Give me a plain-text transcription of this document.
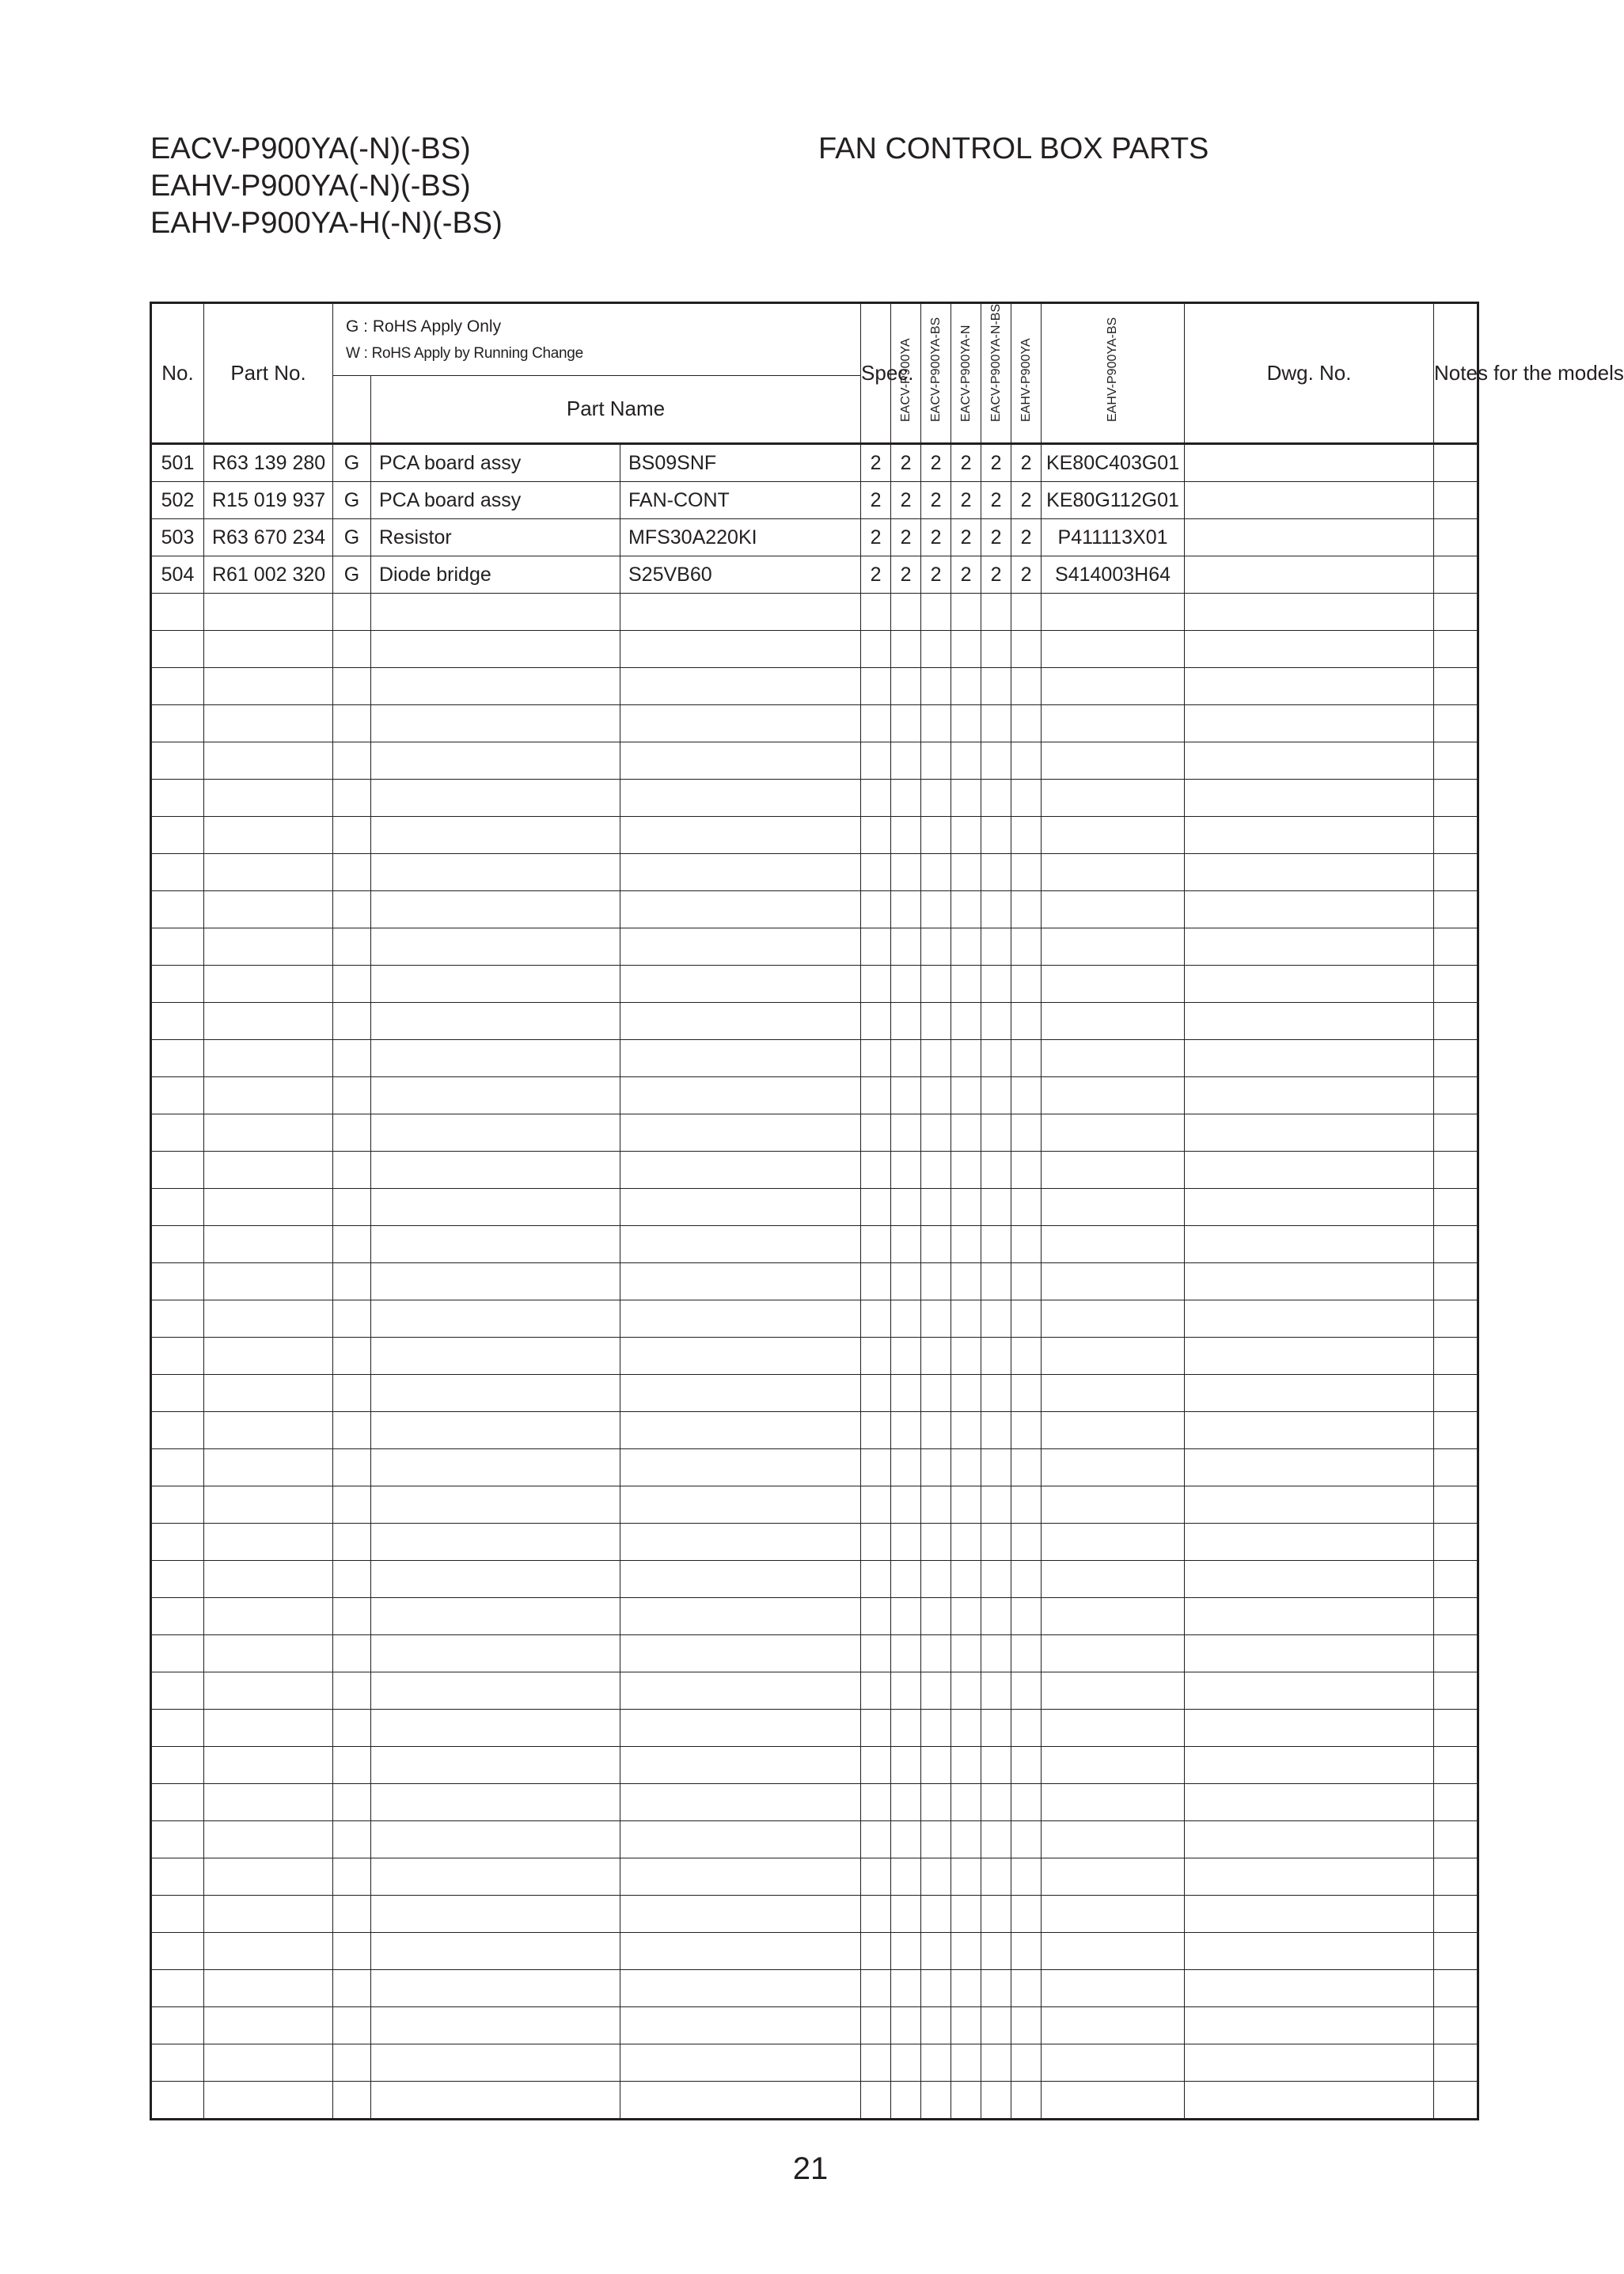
EACV-P900YA(-N)(-BS)
EAHV-P900YA(-N)(-BS)
EAHV-P900YA-H(-N)(-BS)
FAN CONTROL BOX PARTS
No.	Part No.	G : RoHS Apply Only
W : RoHS Apply by Running Change			Spec.	EACV-P900YA	EACV-P900YA-BS	EACV-P900YA-N	EACV-P900YA-N-BS	EAHV-P900YA	EAHV-P900YA-BS	Dwg. No.	Notes for the models	

			Part Name											
501	R63 139 280	G	PCA board assy	BS09SNF	2	2	2	2	2	2	KE80C403G01			
502	R15 019 937	G	PCA board assy	FAN-CONT	2	2	2	2	2	2	KE80G112G01			
503	R63 670 234	G	Resistor	MFS30A220KI	2	2	2	2	2	2	P411113X01			
504	R61 002 320	G	Diode bridge	S25VB60	2	2	2	2	2	2	S414003H64			

21
